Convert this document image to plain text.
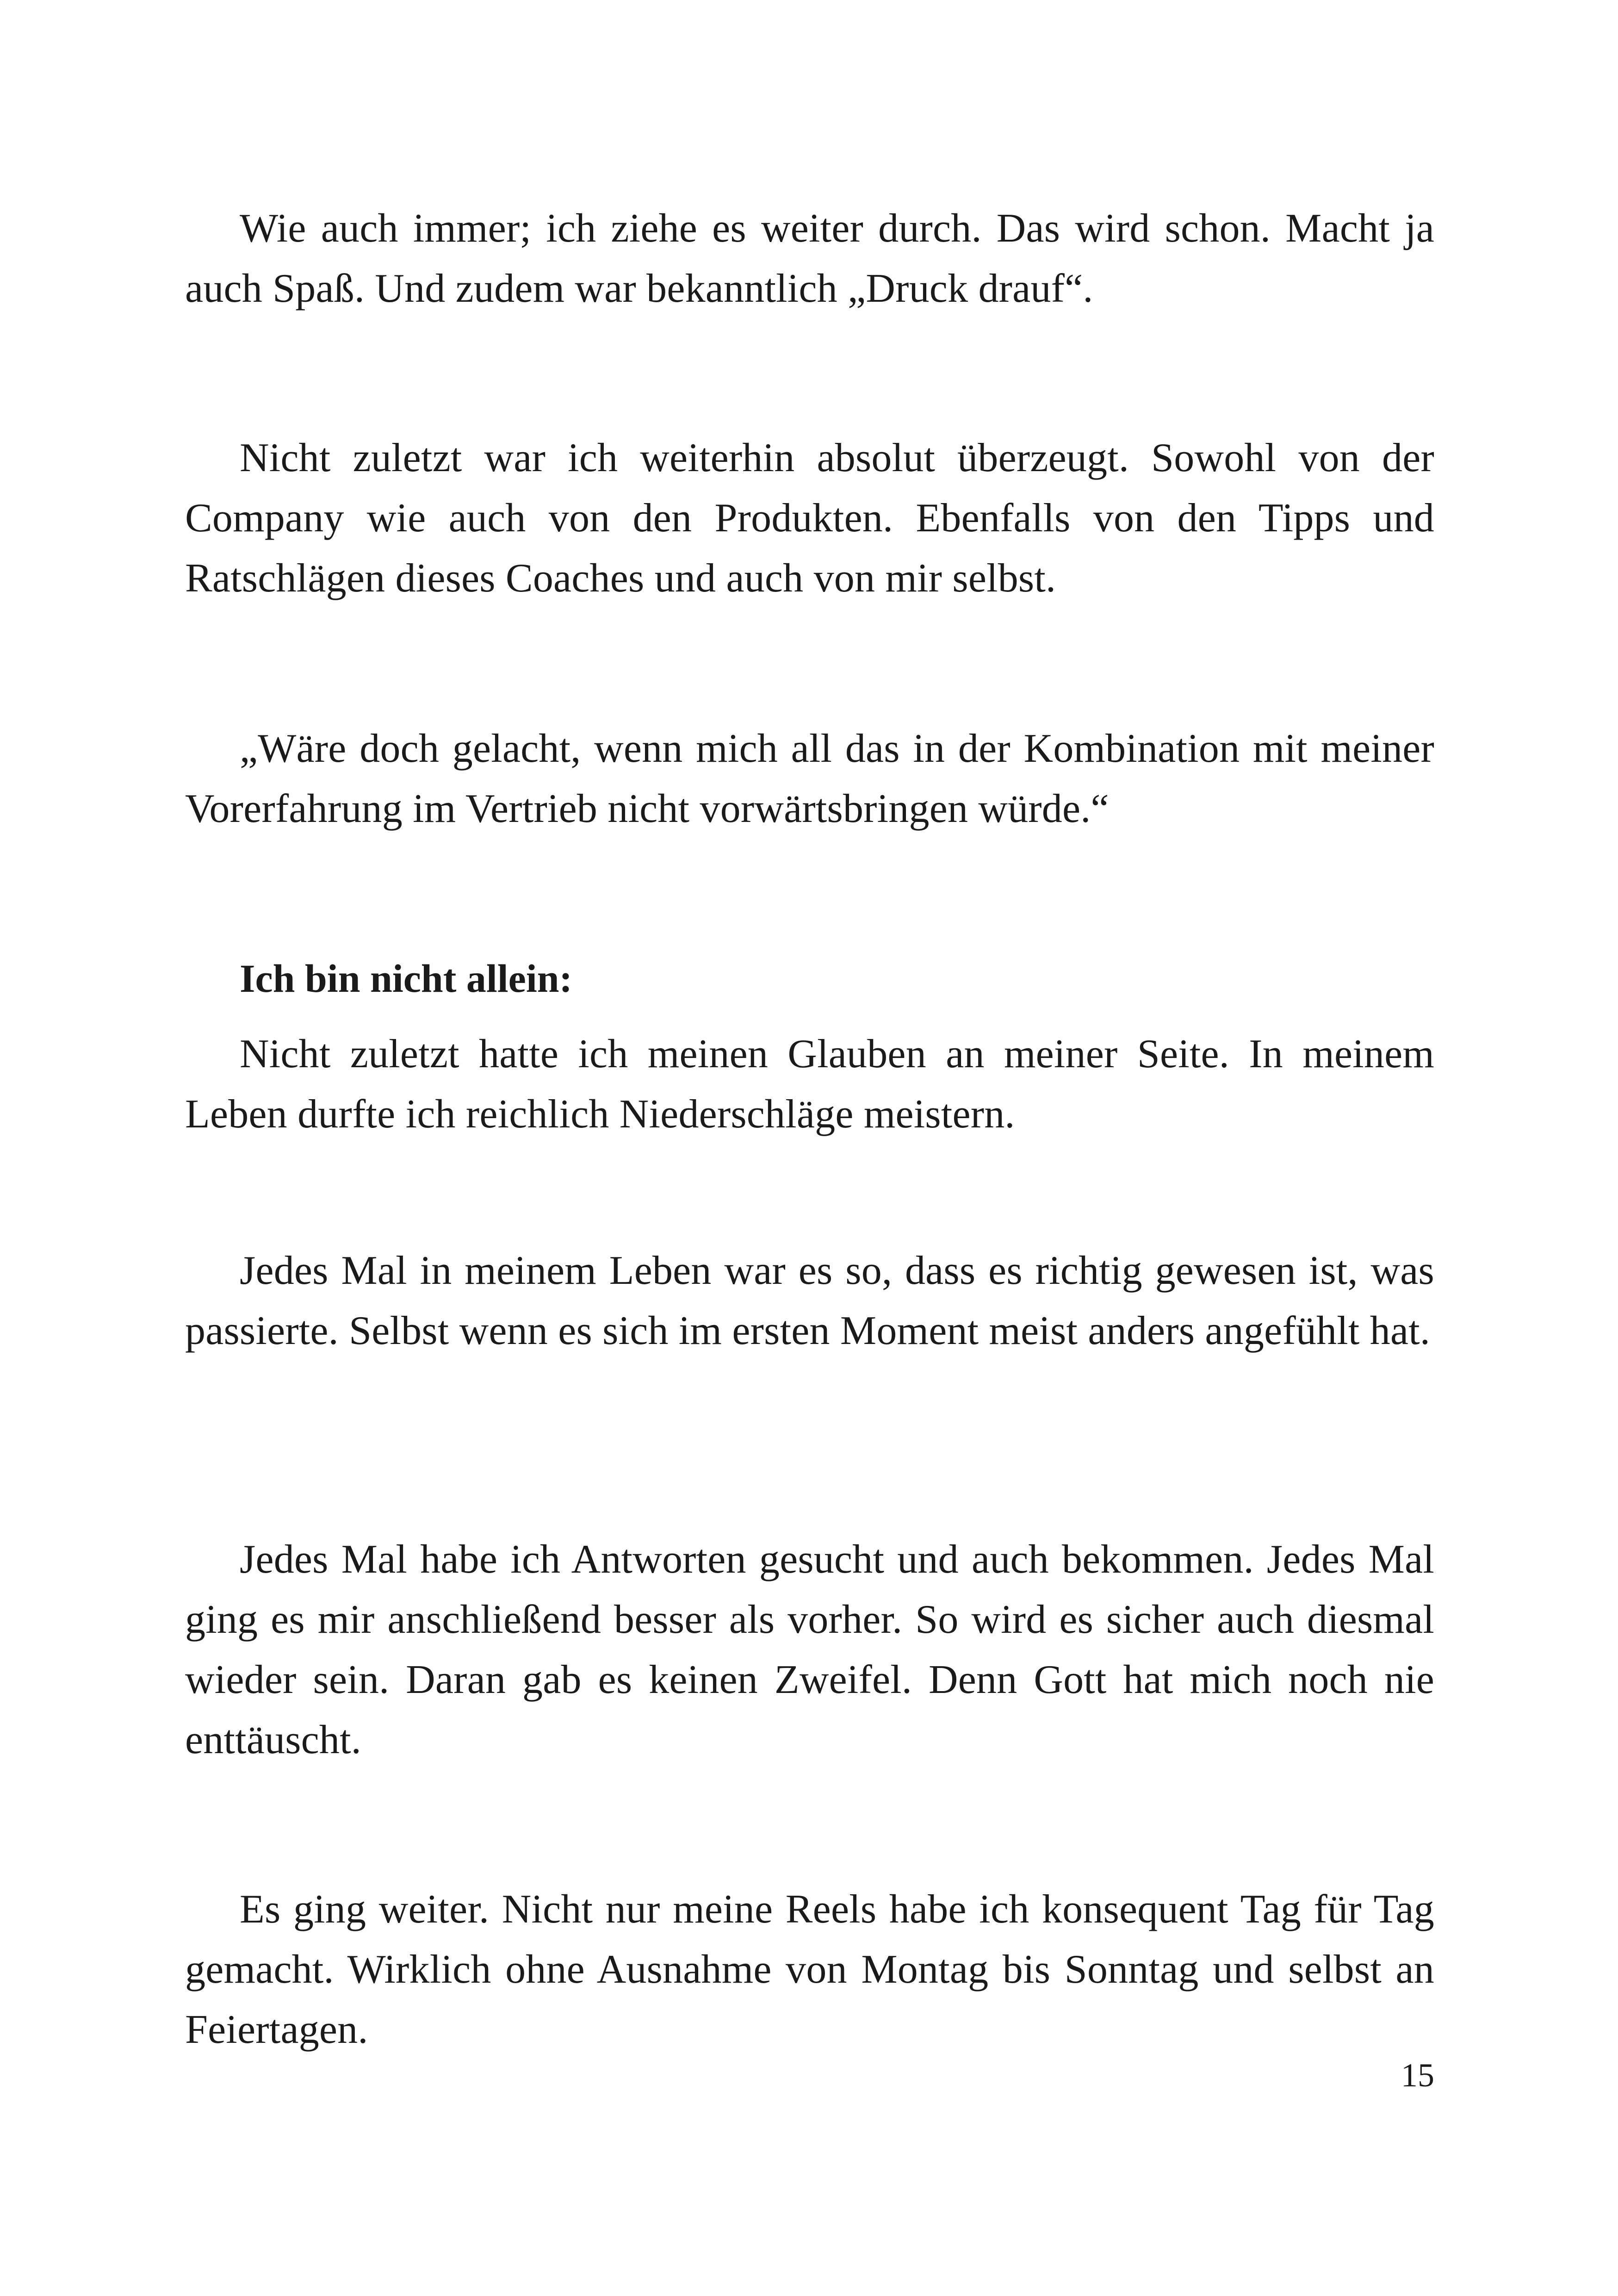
Wie auch immer; ich ziehe es weiter durch. Das wird schon. Macht ja auch Spaß. Und zudem war bekanntlich „Druck drauf“.

Nicht zuletzt war ich weiterhin absolut überzeugt. Sowohl von der Company wie auch von den Produkten. Ebenfalls von den Tipps und Ratschlägen dieses Coaches und auch von mir selbst.

„Wäre doch gelacht, wenn mich all das in der Kombination mit meiner Vorerfahrung im Vertrieb nicht vorwärtsbringen würde.“

Ich bin nicht allein:

Nicht zuletzt hatte ich meinen Glauben an meiner Seite. In meinem Leben durfte ich reichlich Niederschläge meistern.

Jedes Mal in meinem Leben war es so, dass es richtig gewesen ist, was passierte. Selbst wenn es sich im ersten Moment meist anders angefühlt hat.

Jedes Mal habe ich Antworten gesucht und auch bekommen. Jedes Mal ging es mir anschließend besser als vorher. So wird es sicher auch diesmal wieder sein. Daran gab es keinen Zweifel. Denn Gott hat mich noch nie enttäuscht.

Es ging weiter. Nicht nur meine Reels habe ich konsequent Tag für Tag gemacht. Wirklich ohne Ausnahme von Montag bis Sonntag und selbst an Feiertagen.

15
